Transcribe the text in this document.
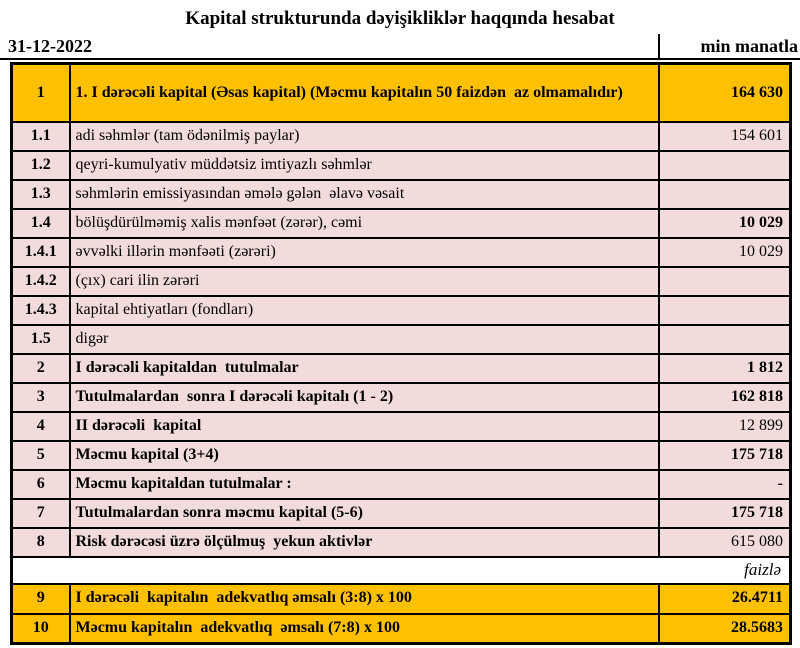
Kapital strukturunda dəyişikliklər haqqında hesabat
31-12-2022	min manatla
1	1. I dərəcəli kapital (Əsas kapital) (Məcmu kapitalın 50 faizdən  az olmamalıdır)	164 630
1.1	adi səhmlər (tam ödənilmiş paylar)	154 601
1.2	qeyri-kumulyativ müddətsiz imtiyazlı səhmlər	
1.3	səhmlərin emissiyasından əmələ gələn  əlavə vəsait	
1.4	bölüşdürülməmiş xalis mənfəət (zərər), cəmi	10 029
1.4.1	əvvəlki illərin mənfəəti (zərəri)	10 029
1.4.2	(çıx) cari ilin zərəri	
1.4.3	kapital ehtiyatları (fondları)	
1.5	digər	
2	I dərəcəli kapitaldan  tutulmalar	1 812
3	Tutulmalardan  sonra I dərəcəli kapitalı (1 - 2)	162 818
4	II dərəcəli  kapital	12 899
5	Məcmu kapital (3+4)	175 718
6	Məcmu kapitaldan tutulmalar :	-
7	Tutulmalardan sonra məcmu kapital (5-6)	175 718
8	Risk dərəcəsi üzrə ölçülmuş  yekun aktivlər	615 080
faizlə		
9	I dərəcəli  kapitalın  adekvatlıq əmsalı (3:8) x 100	26.4711
10	Məcmu kapitalın  adekvatlıq  əmsalı (7:8) x 100	28.5683
